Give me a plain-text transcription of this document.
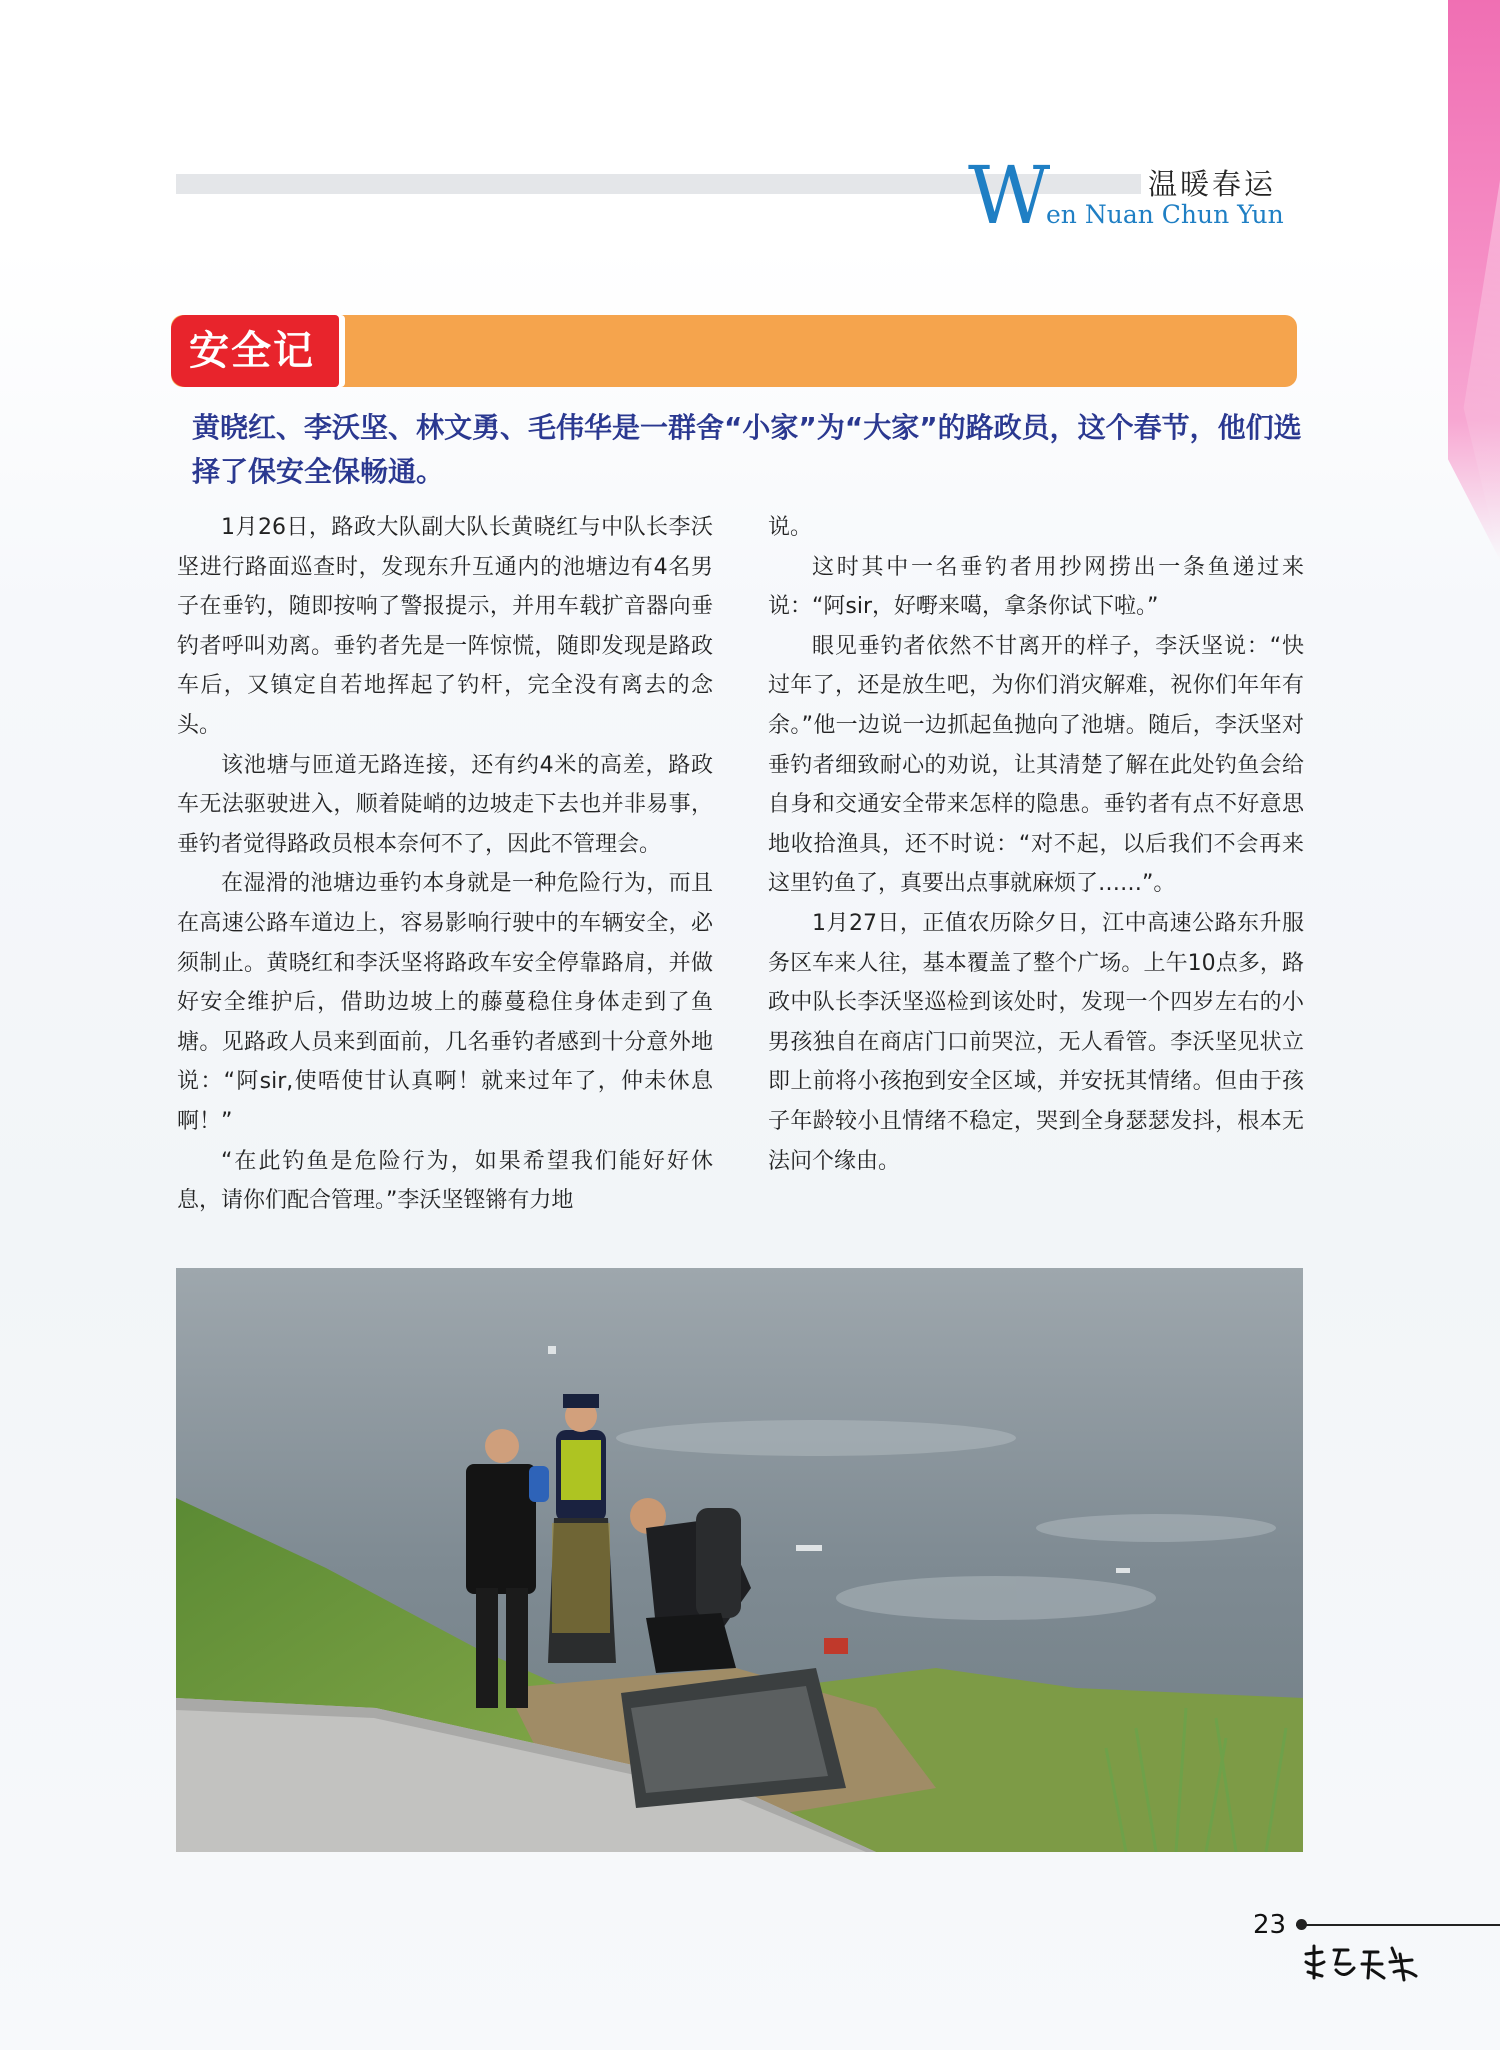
W	温暖春运
en Nuan Chun Yun
安全记
黄晓红、李沃坚、林文勇、毛伟华是一群舍“小家”为“大家”的路政员，这个春节，他们选择了保安全保畅通。

1月26日，路政大队副大队长黄晓红与中队长李沃坚进行路面巡查时，发现东升互通内的池塘边有4名男子在垂钓，随即按响了警报提示，并用车载扩音器向垂钓者呼叫劝离。垂钓者先是一阵惊慌，随即发现是路政车后，又镇定自若地挥起了钓杆，完全没有离去的念头。

该池塘与匝道无路连接，还有约4米的高差，路政车无法驱驶进入，顺着陡峭的边坡走下去也并非易事，垂钓者觉得路政员根本奈何不了，因此不管理会。

在湿滑的池塘边垂钓本身就是一种危险行为，而且在高速公路车道边上，容易影响行驶中的车辆安全，必须制止。黄晓红和李沃坚将路政车安全停靠路肩，并做好安全维护后，借助边坡上的藤蔓稳住身体走到了鱼塘。见路政人员来到面前，几名垂钓者感到十分意外地说：“阿sir,使唔使甘认真啊！就来过年了，仲未休息啊！”

“在此钓鱼是危险行为，如果希望我们能好好休息，请你们配合管理。”李沃坚铿锵有力地

说。

这时其中一名垂钓者用抄网捞出一条鱼递过来说：“阿sir，好嘢来噶，拿条你试下啦。”

眼见垂钓者依然不甘离开的样子，李沃坚说：“快过年了，还是放生吧，为你们消灾解难，祝你们年年有余。”他一边说一边抓起鱼抛向了池塘。随后，李沃坚对垂钓者细致耐心的劝说，让其清楚了解在此处钓鱼会给自身和交通安全带来怎样的隐患。垂钓者有点不好意思地收拾渔具，还不时说：“对不起，以后我们不会再来这里钓鱼了，真要出点事就麻烦了……”。

1月27日，正值农历除夕日，江中高速公路东升服务区车来人往，基本覆盖了整个广场。上午10点多，路政中队长李沃坚巡检到该处时，发现一个四岁左右的小男孩独自在商店门口前哭泣，无人看管。李沃坚见状立即上前将小孩抱到安全区域，并安抚其情绪。但由于孩子年龄较小且情绪不稳定，哭到全身瑟瑟发抖，根本无法问个缘由。

23
